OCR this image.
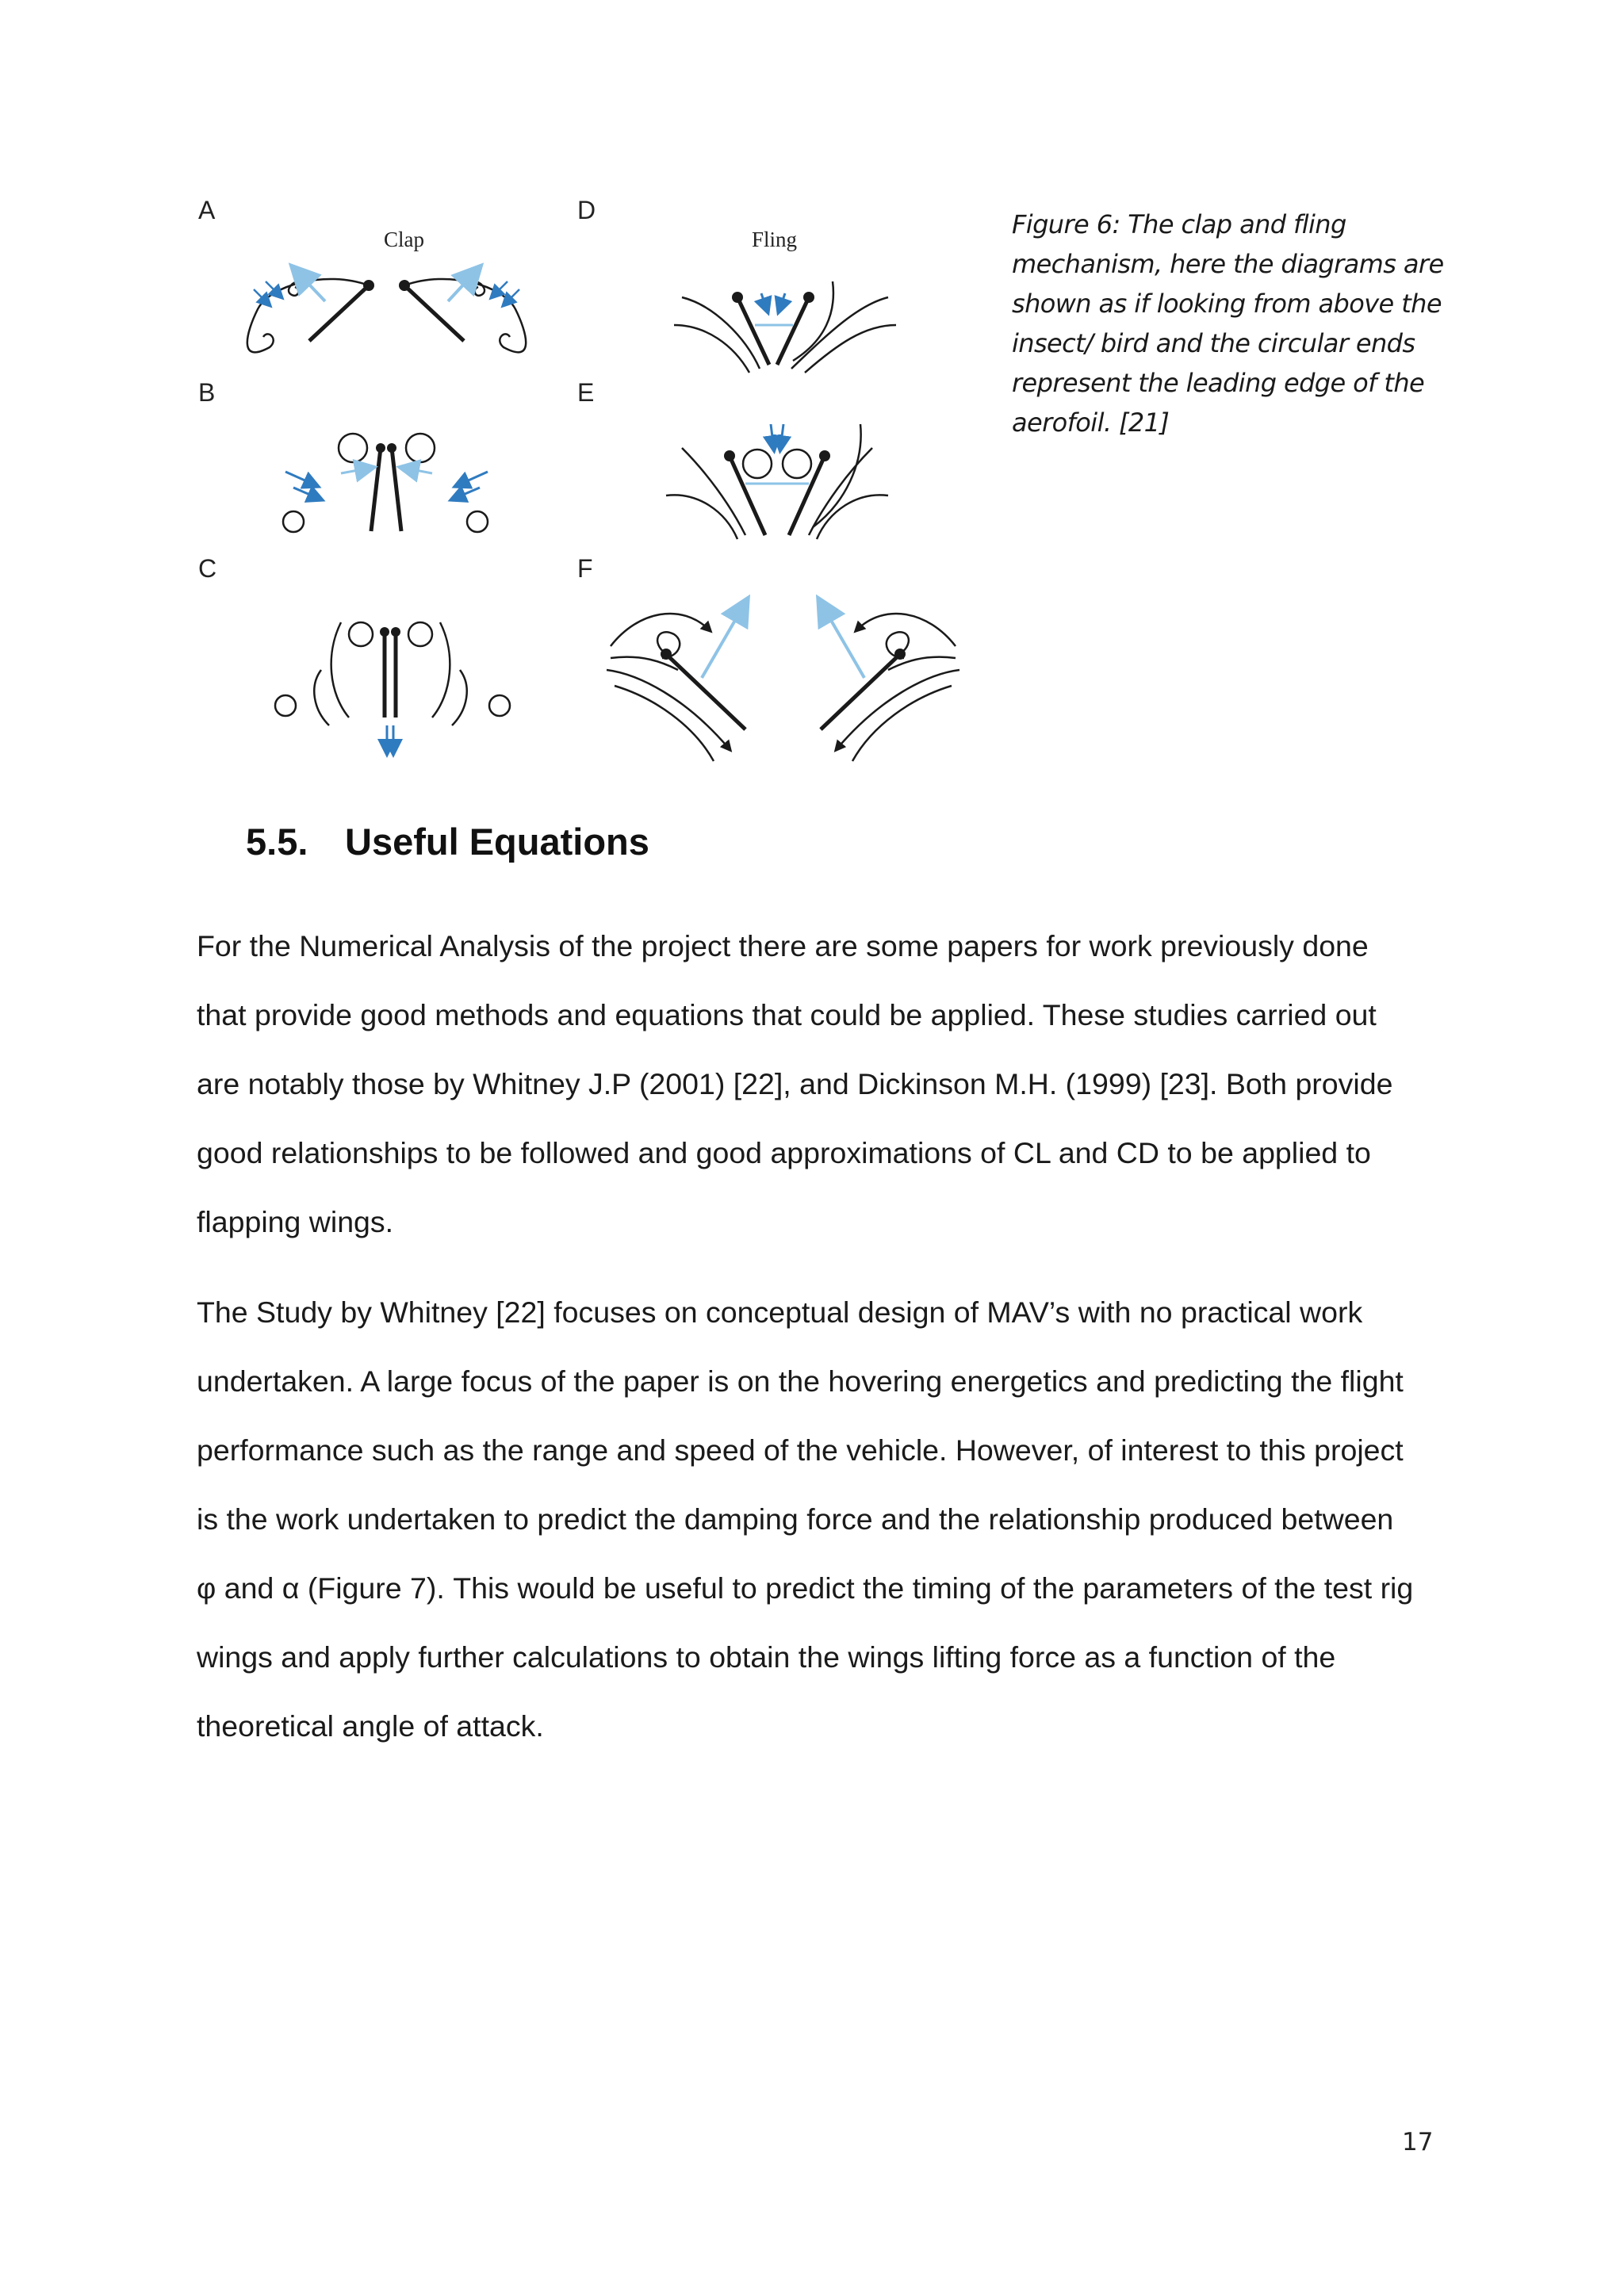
A
B
C
D
E
F
Clap	Fling	Figure 6: The clap and fling
mechanism, here the diagrams are
shown as if looking from above the
insect/ bird and the circular ends
represent the leading edge of the
aerofoil. [21]
5.5. Useful Equations
For the Numerical Analysis of the project there are some papers for work previously done
that provide good methods and equations that could be applied. These studies carried out
are notably those by Whitney J.P (2001) [22], and Dickinson M.H. (1999) [23]. Both provide
good relationships to be followed and good approximations of CL and CD to be applied to
flapping wings.
The Study by Whitney [22] focuses on conceptual design of MAV’s with no practical work
undertaken. A large focus of the paper is on the hovering energetics and predicting the flight
performance such as the range and speed of the vehicle. However, of interest to this project
is the work undertaken to predict the damping force and the relationship produced between
φ and α (Figure 7). This would be useful to predict the timing of the parameters of the test rig
wings and apply further calculations to obtain the wings lifting force as a function of the
theoretical angle of attack.
17
